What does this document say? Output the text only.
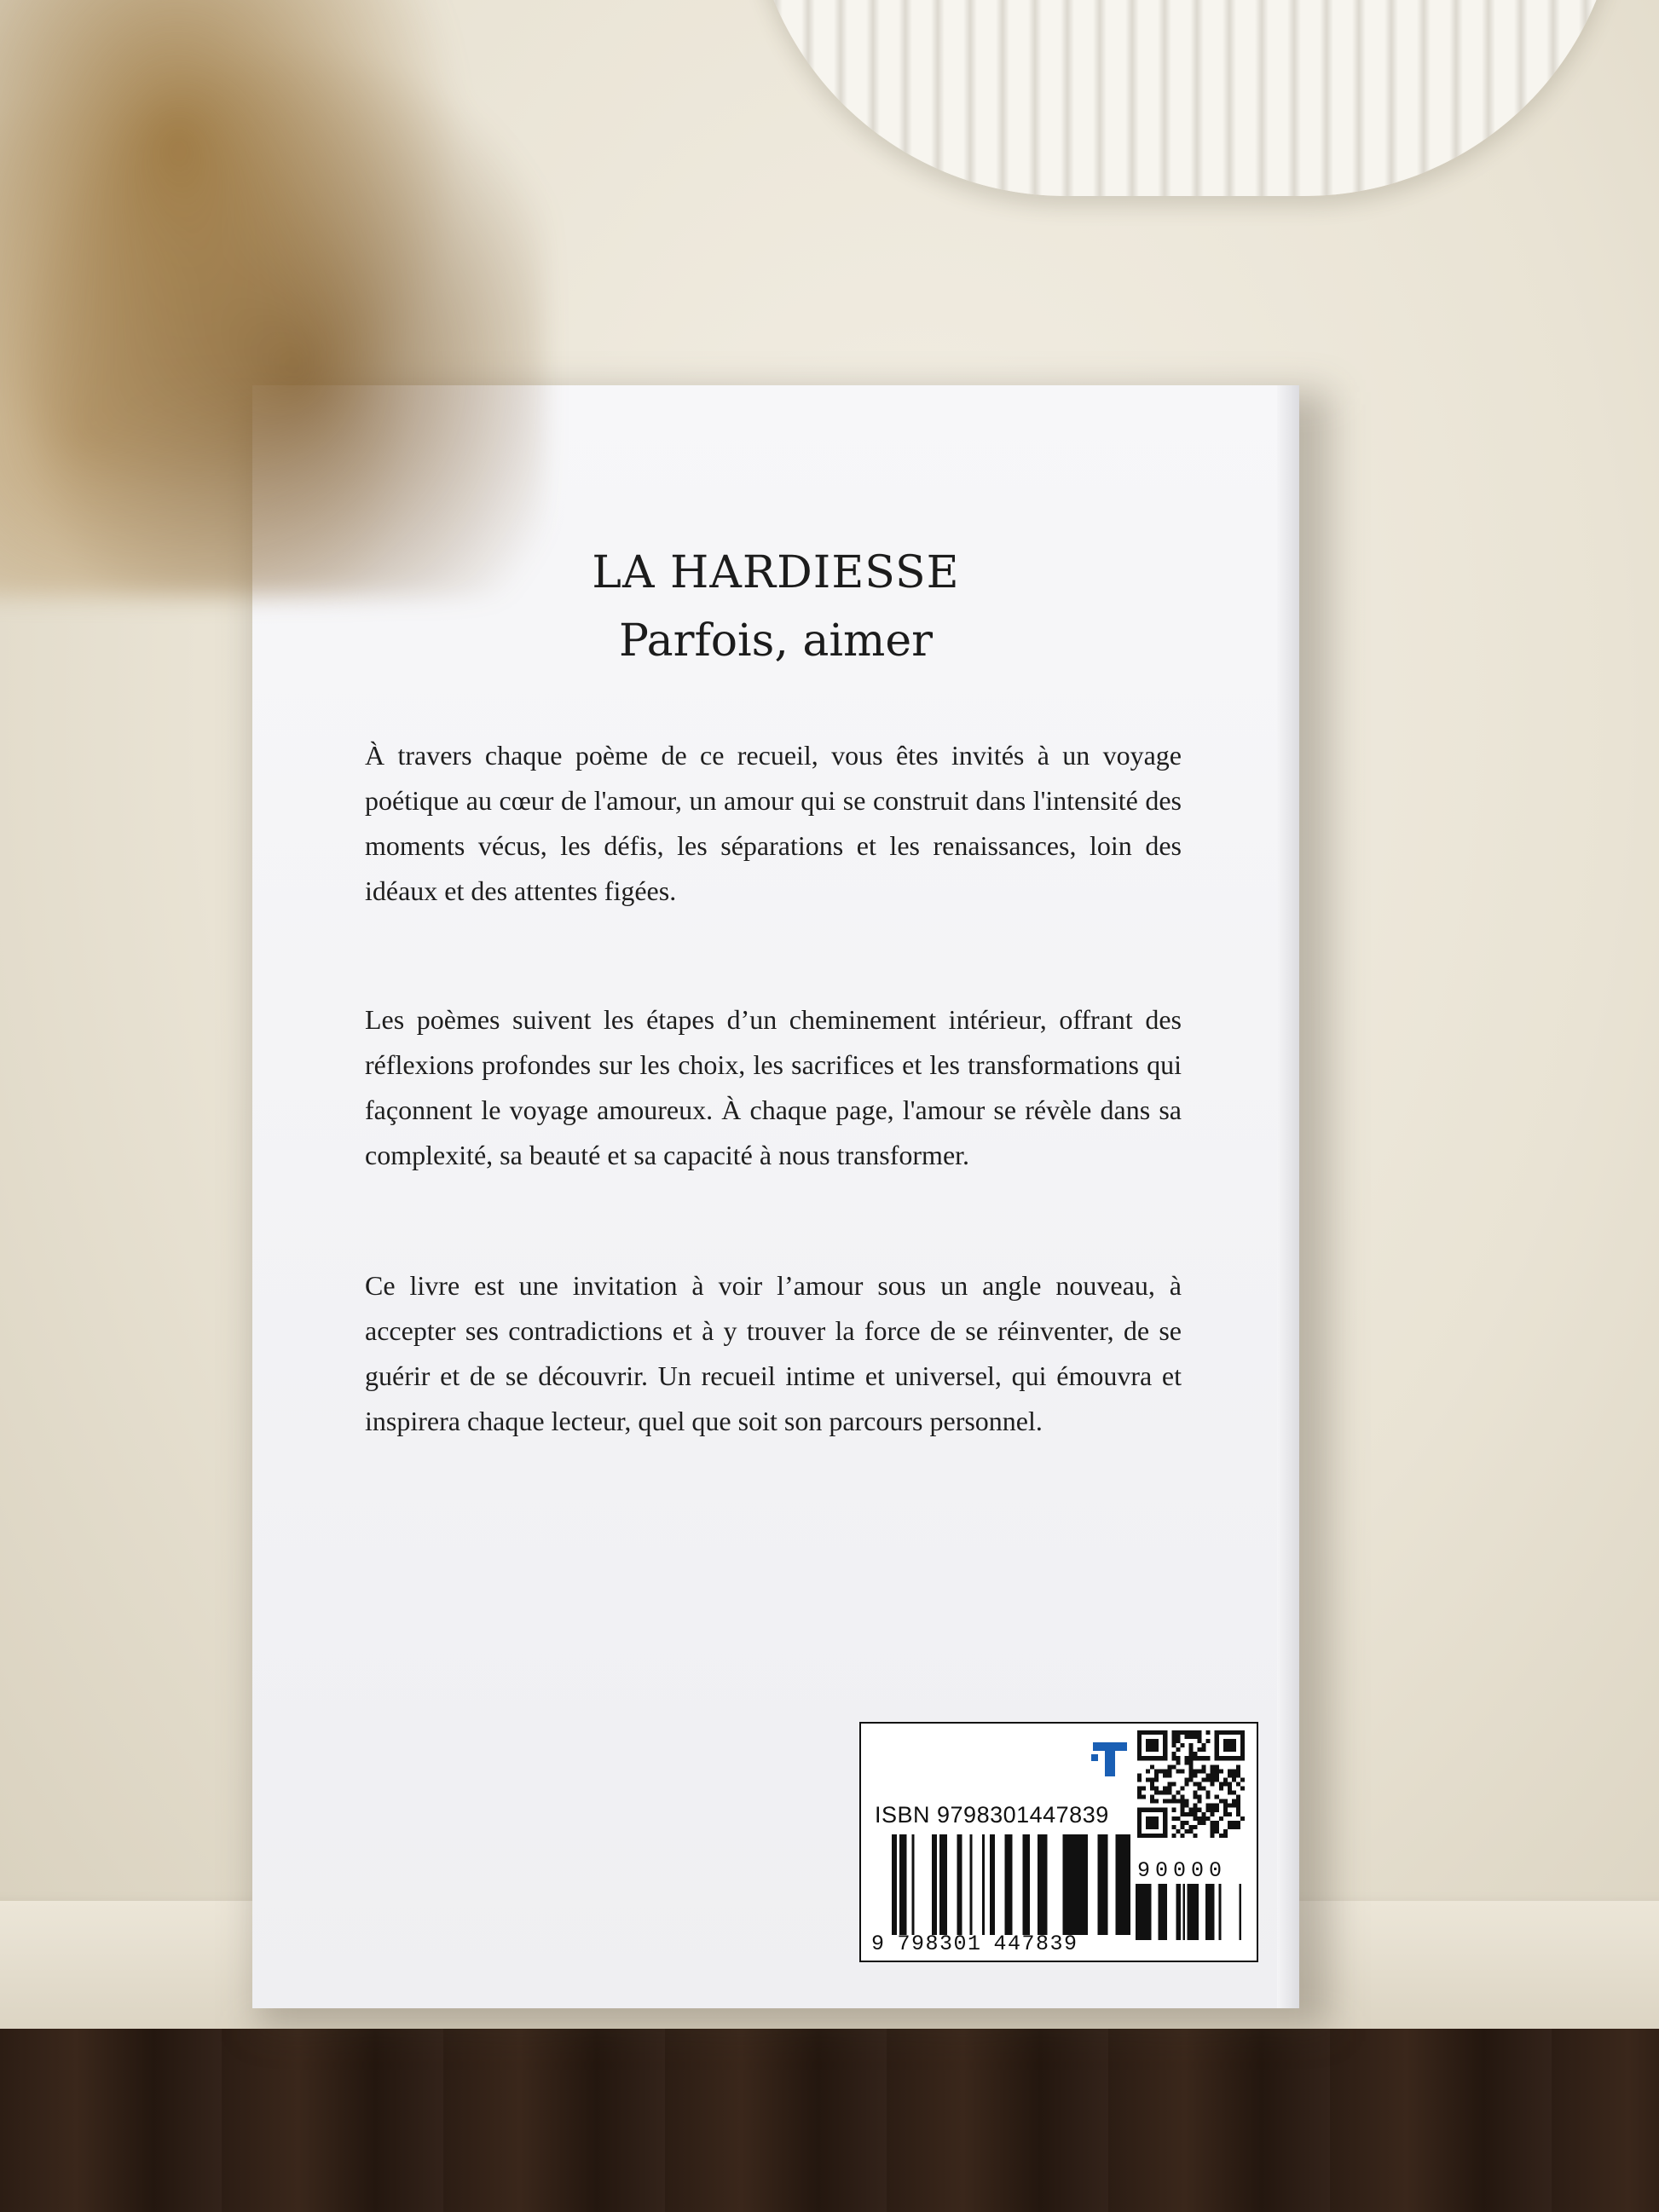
LA HARDIESSE
Parfois, aimer

À travers chaque poème de ce recueil, vous êtes invités à un voyage poétique au cœur de l'amour, un amour qui se construit dans l'intensité des moments vécus, les défis, les séparations et les renaissances, loin des idéaux et des attentes figées.

Les poèmes suivent les étapes d’un cheminement intérieur, offrant des réflexions profondes sur les choix, les sacrifices et les transformations qui façonnent le voyage amoureux. À chaque page, l'amour se révèle dans sa complexité, sa beauté et sa capacité à nous transformer.

Ce livre est une invitation à voir l’amour sous un angle nouveau, à accepter ses contradictions et à y trouver la force de se réinventer, de se guérir et de se découvrir. Un recueil intime et universel, qui émouvra et inspirera chaque lecteur, quel que soit son parcours personnel.

ISBN 9798301447839
9 798301 447839
90000
